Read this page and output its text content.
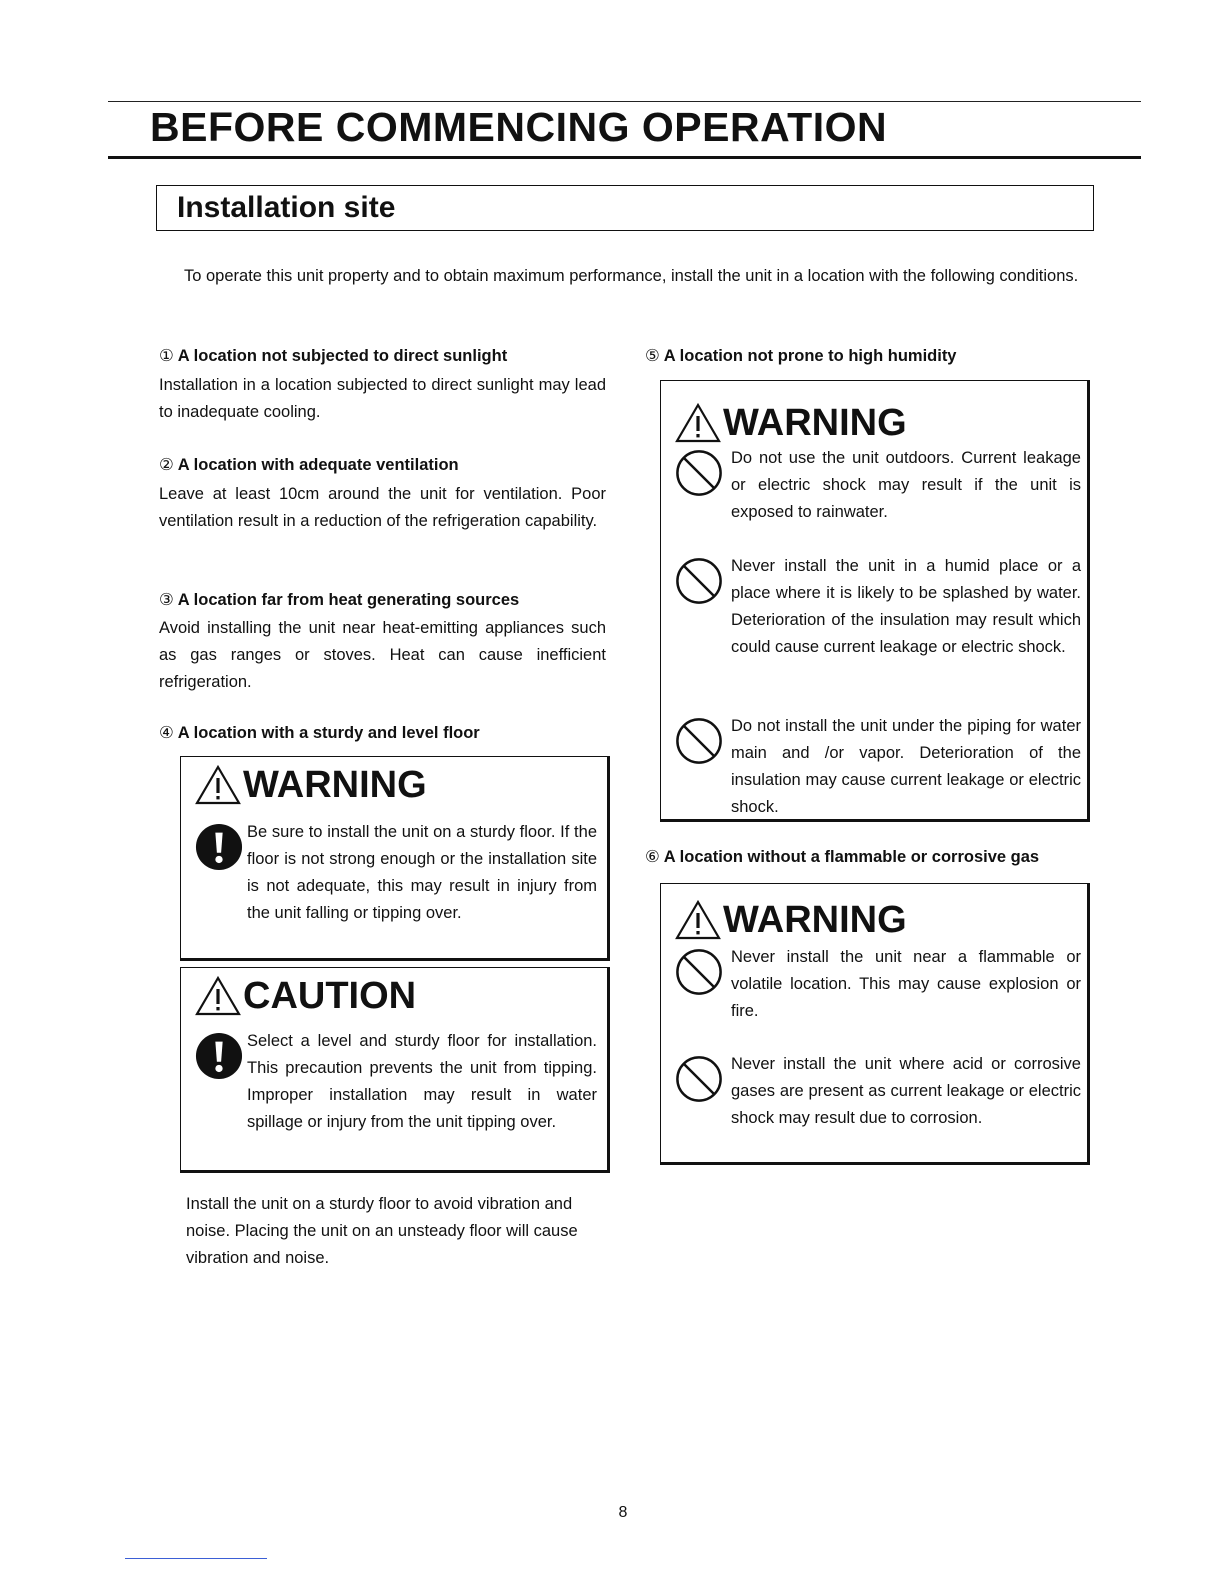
BEFORE COMMENCING OPERATION
Installation site

To operate this unit property and to obtain maximum performance, install the unit in a location with the following conditions.

① A location not subjected to direct sunlight

Installation in a location subjected to direct sunlight may lead to inadequate cooling.

② A location with adequate ventilation

Leave at least 10cm around the unit for ventilation. Poor ventilation result in a reduction of the refrigeration capability.

③ A location far from heat generating sources

Avoid installing the unit near heat-emitting appliances such as gas ranges or stoves. Heat can cause inefficient refrigeration.

④ A location with a sturdy and level floor
WARNING

Be sure to install the unit on a sturdy floor. If the floor is not strong enough or the installation site is not adequate, this may result in injury from the unit falling or tipping over.

CAUTION

Select a level and sturdy floor for installation. This precaution prevents the unit from tipping. Improper installation may result in water spillage or injury from the unit tipping over.

Install the unit on a sturdy floor to avoid vibration and noise. Placing the unit on an unsteady floor will cause vibration and noise.

⑤ A location not prone to high humidity
WARNING

Do not use the unit outdoors. Current leakage or electric shock may result if the unit is exposed to rainwater.

Never install the unit in a humid place or a place where it is likely to be splashed by water. Deterioration of the insulation may result which could cause current leakage or electric shock.

Do not install the unit under the piping for water main and /or vapor. Deterioration of the insulation may cause current leakage or electric shock.

⑥ A location without a flammable or corrosive gas
WARNING

Never install the unit near a flammable or volatile location. This may cause explosion or fire.

Never install the unit where acid or corrosive gases are present as current leakage or electric shock may result due to corrosion.

8
